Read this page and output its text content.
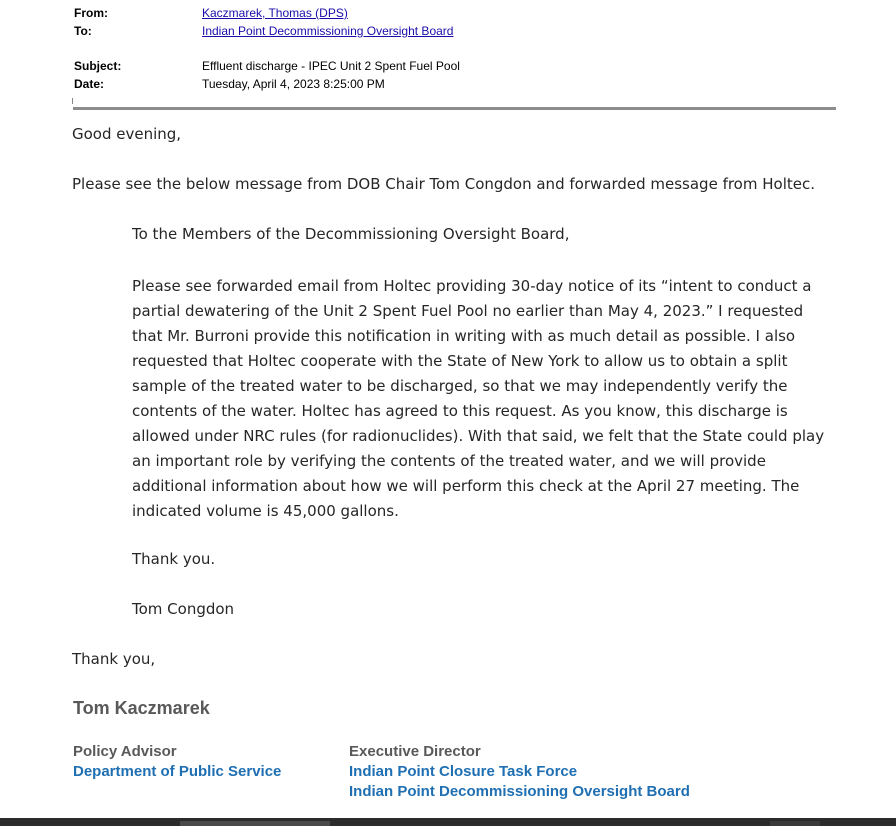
From:	Kaczmarek, Thomas (DPS)
To:	Indian Point Decommissioning Oversight Board
Subject:	Effluent discharge - IPEC Unit 2 Spent Fuel Pool
Date:	Tuesday, April 4, 2023 8:25:00 PM
Good evening,
Please see the below message from DOB Chair Tom Congdon and forwarded message from Holtec.
To the Members of the Decommissioning Oversight Board,
Please see forwarded email from Holtec providing 30-day notice of its “intent to conduct a
partial dewatering of the Unit 2 Spent Fuel Pool no earlier than May 4, 2023.” I requested
that Mr. Burroni provide this notification in writing with as much detail as possible. I also
requested that Holtec cooperate with the State of New York to allow us to obtain a split
sample of the treated water to be discharged, so that we may independently verify the
contents of the water. Holtec has agreed to this request. As you know, this discharge is
allowed under NRC rules (for radionuclides). With that said, we felt that the State could play
an important role by verifying the contents of the treated water, and we will provide
additional information about how we will perform this check at the April 27 meeting. The
indicated volume is 45,000 gallons.
Thank you.
Tom Congdon
Thank you,
Tom Kaczmarek
Policy Advisor
Department of Public Service
Executive Director
Indian Point Closure Task Force
Indian Point Decommissioning Oversight Board
